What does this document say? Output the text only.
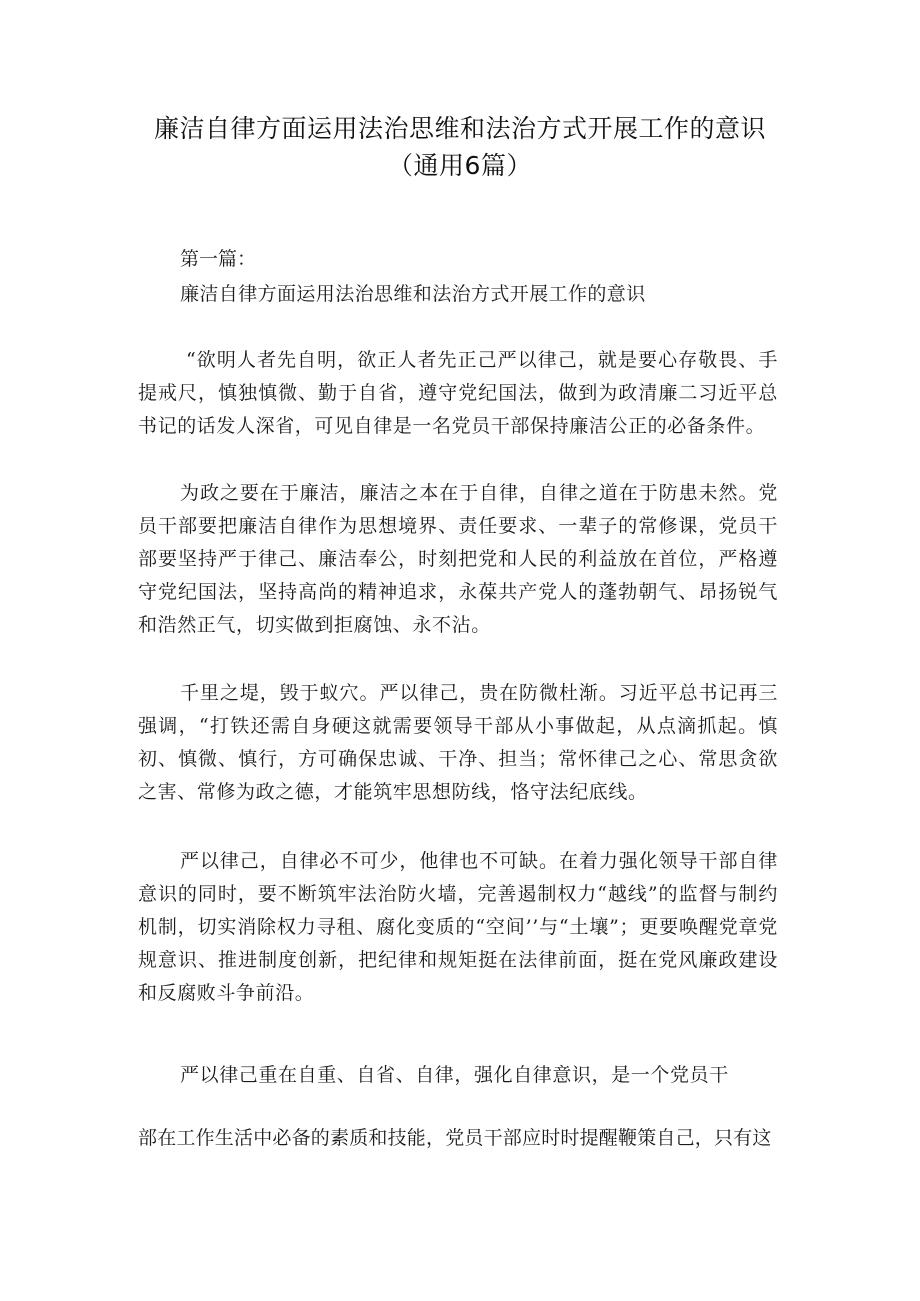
廉洁自律方面运用法治思维和法治方式开展工作的意识（通用6篇）

第一篇：

廉洁自律方面运用法治思维和法治方式开展工作的意识

“欲明人者先自明，欲正人者先正己严以律己，就是要心存敬畏、手提戒尺，慎独慎微、勤于自省，遵守党纪国法，做到为政清廉二习近平总书记的话发人深省，可见自律是一名党员干部保持廉洁公正的必备条件。

为政之要在于廉洁，廉洁之本在于自律，自律之道在于防患未然。党员干部要把廉洁自律作为思想境界、责任要求、一辈子的常修课，党员干部要坚持严于律己、廉洁奉公，时刻把党和人民的利益放在首位，严格遵守党纪国法，坚持高尚的精神追求，永葆共产党人的蓬勃朝气、昂扬锐气和浩然正气，切实做到拒腐蚀、永不沾。

千里之堤，毁于蚁穴。严以律己，贵在防微杜渐。习近平总书记再三强调，“打铁还需自身硬这就需要领导干部从小事做起，从点滴抓起。慎初、慎微、慎行，方可确保忠诚、干净、担当；常怀律己之心、常思贪欲之害、常修为政之德，才能筑牢思想防线，恪守法纪底线。

严以律己，自律必不可少，他律也不可缺。在着力强化领导干部自律意识的同时，要不断筑牢法治防火墙，完善遏制权力“越线”的监督与制约机制，切实消除权力寻租、腐化变质的“空间’’与“土壤”；更要唤醒党章党规意识、推进制度创新，把纪律和规矩挺在法律前面，挺在党风廉政建设和反腐败斗争前沿。

严以律己重在自重、自省、自律，强化自律意识，是一个党员干

部在工作生活中必备的素质和技能，党员干部应时时提醒鞭策自己，只有这
